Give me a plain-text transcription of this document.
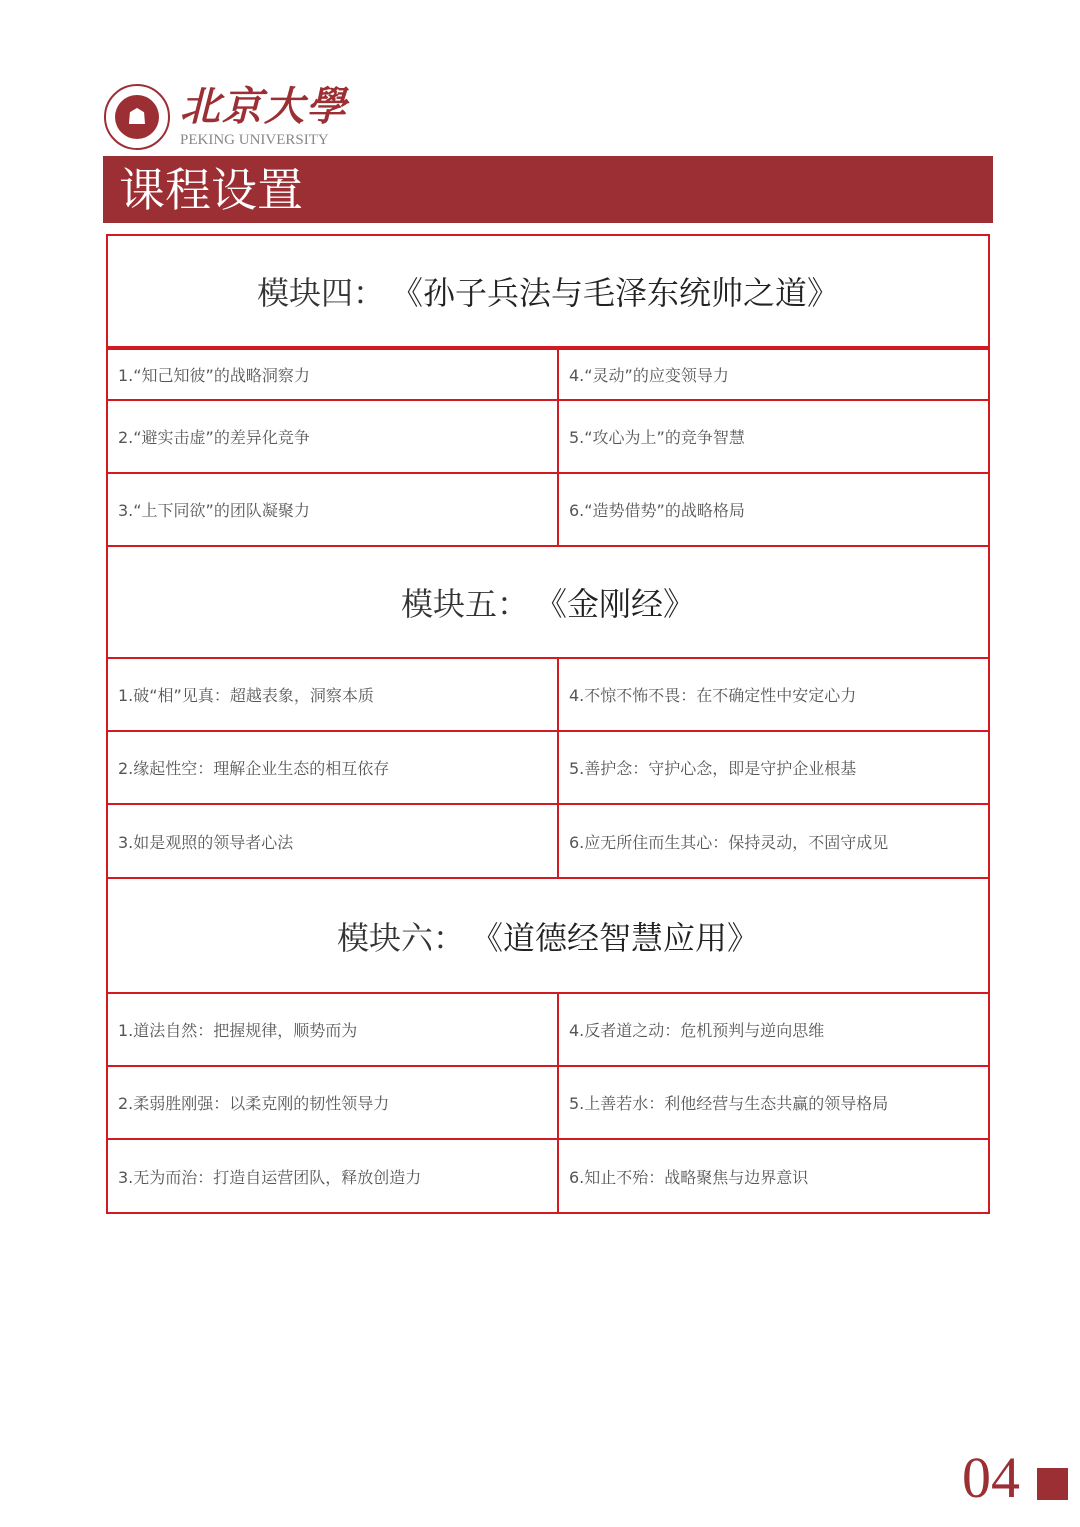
☗ 北京大學
PEKING UNIVERSITY
课程设置
模块四： 《孙子兵法与毛泽东统帅之道》	
1.“知己知彼”的战略洞察力	4.“灵动”的应变领导力
2.“避实击虚”的差异化竞争	5.“攻心为上”的竞争智慧
3.“上下同欲”的团队凝聚力	6.“造势借势”的战略格局
模块五： 《金刚经》	
1.破“相”见真：超越表象，洞察本质	4.不惊不怖不畏：在不确定性中安定心力
2.缘起性空：理解企业生态的相互依存	5.善护念：守护心念，即是守护企业根基
3.如是观照的领导者心法	6.应无所住而生其心：保持灵动，不固守成见
模块六： 《道德经智慧应用》	
1.道法自然：把握规律，顺势而为	4.反者道之动：危机预判与逆向思维
2.柔弱胜刚强：以柔克刚的韧性领导力	5.上善若水：利他经营与生态共赢的领导格局
3.无为而治：打造自运营团队，释放创造力	6.知止不殆：战略聚焦与边界意识
04
